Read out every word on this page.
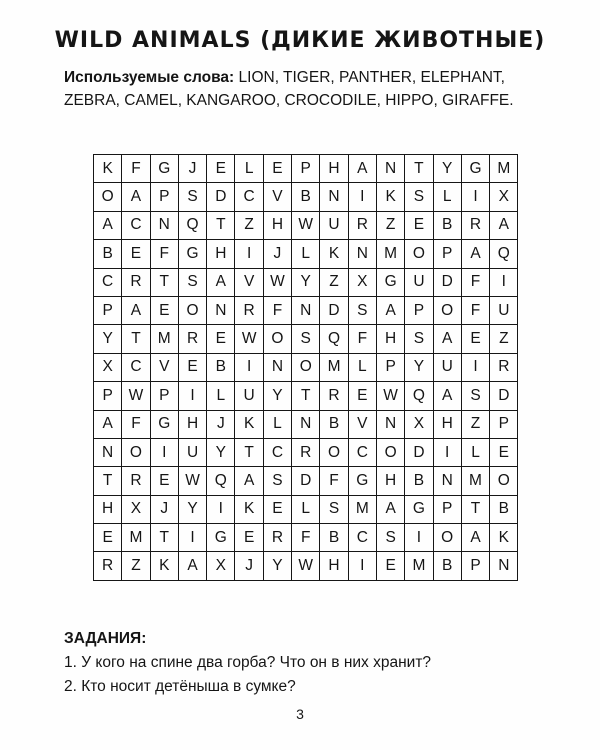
WILD ANIMALS (ДИКИЕ ЖИВОТНЫЕ)

Используемые слова: LION, TIGER, PANTHER, ELEPHANT, ZEBRA, CAMEL, KANGAROO, CROCODILE, HIPPO, GIRAFFE.

K	F	G	J	E	L	E	P	H	A	N	T	Y	G	M
O	A	P	S	D	C	V	B	N	I	K	S	L	I	X
A	C	N	Q	T	Z	H	W	U	R	Z	E	B	R	A
B	E	F	G	H	I	J	L	K	N	M	O	P	A	Q
C	R	T	S	A	V	W	Y	Z	X	G	U	D	F	I
P	A	E	O	N	R	F	N	D	S	A	P	O	F	U
Y	T	M	R	E	W	O	S	Q	F	H	S	A	E	Z
X	C	V	E	B	I	N	O	M	L	P	Y	U	I	R
P	W	P	I	L	U	Y	T	R	E	W	Q	A	S	D
A	F	G	H	J	K	L	N	B	V	N	X	H	Z	P
N	O	I	U	Y	T	C	R	O	C	O	D	I	L	E
T	R	E	W	Q	A	S	D	F	G	H	B	N	M	O
H	X	J	Y	I	K	E	L	S	M	A	G	P	T	B
E	M	T	I	G	E	R	F	B	C	S	I	O	A	K
R	Z	K	A	X	J	Y	W	H	I	E	M	B	P	N

ЗАДАНИЯ:

1. У кого на спине два горба? Что он в них хранит?

2. Кто носит детёныша в сумке?

3
